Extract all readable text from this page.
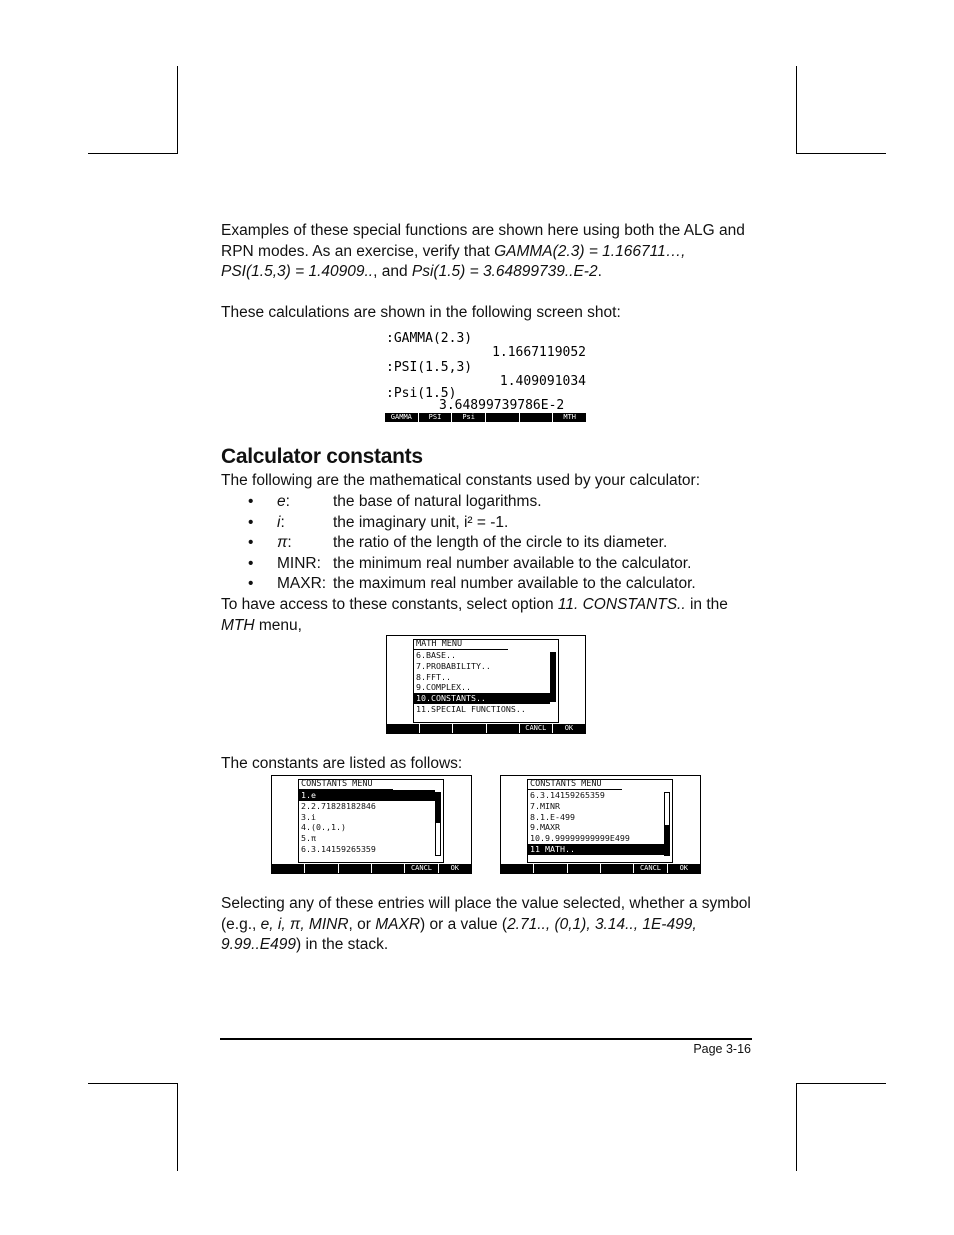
Examples of these special functions are shown here using both the ALG and
RPN modes. As an exercise, verify that GAMMA(2.3) = 1.166711…,
PSI(1.5,3) = 1.40909.., and Psi(1.5) = 3.64899739..E-2.
These calculations are shown in the following screen shot:
:GAMMA(2.3)
1.1667119052
:PSI(1.5,3)
1.409091034
:Psi(1.5)
3.64899739786E-2
GAMMA	PSI	Psi	MTH
Calculator constants
The following are the mathematical constants used by your calculator:
• e:	the base of natural logarithms.
• i:	the imaginary unit, i² = -1.
• π:	the ratio of the length of the circle to its diameter.
• MINR: the minimum real number available to the calculator.
• MAXR: the maximum real number available to the calculator.
To have access to these constants, select option 11. CONSTANTS.. in the
MTH menu,
MATH MENU
6.BASE..
7.PROBABILITY..
8.FFT..
9.COMPLEX..
10.CONSTANTS..
11.SPECIAL FUNCTIONS..
CANCL	OK
The constants are listed as follows:
CONSTANTS MENU
1.e
2.2.71828182846
3.i
4.(0.,1.)
5.π
6.3.14159265359
CANCL	OK
CONSTANTS MENU
6.3.14159265359
7.MINR
8.1.E-499
9.MAXR
10.9.99999999999E499
11 MATH..
CANCL	OK
Selecting any of these entries will place the value selected, whether a symbol
(e.g., e, i, π, MINR, or MAXR) or a value (2.71.., (0,1), 3.14.., 1E-499,
9.99..E499) in the stack.
Page 3-16
